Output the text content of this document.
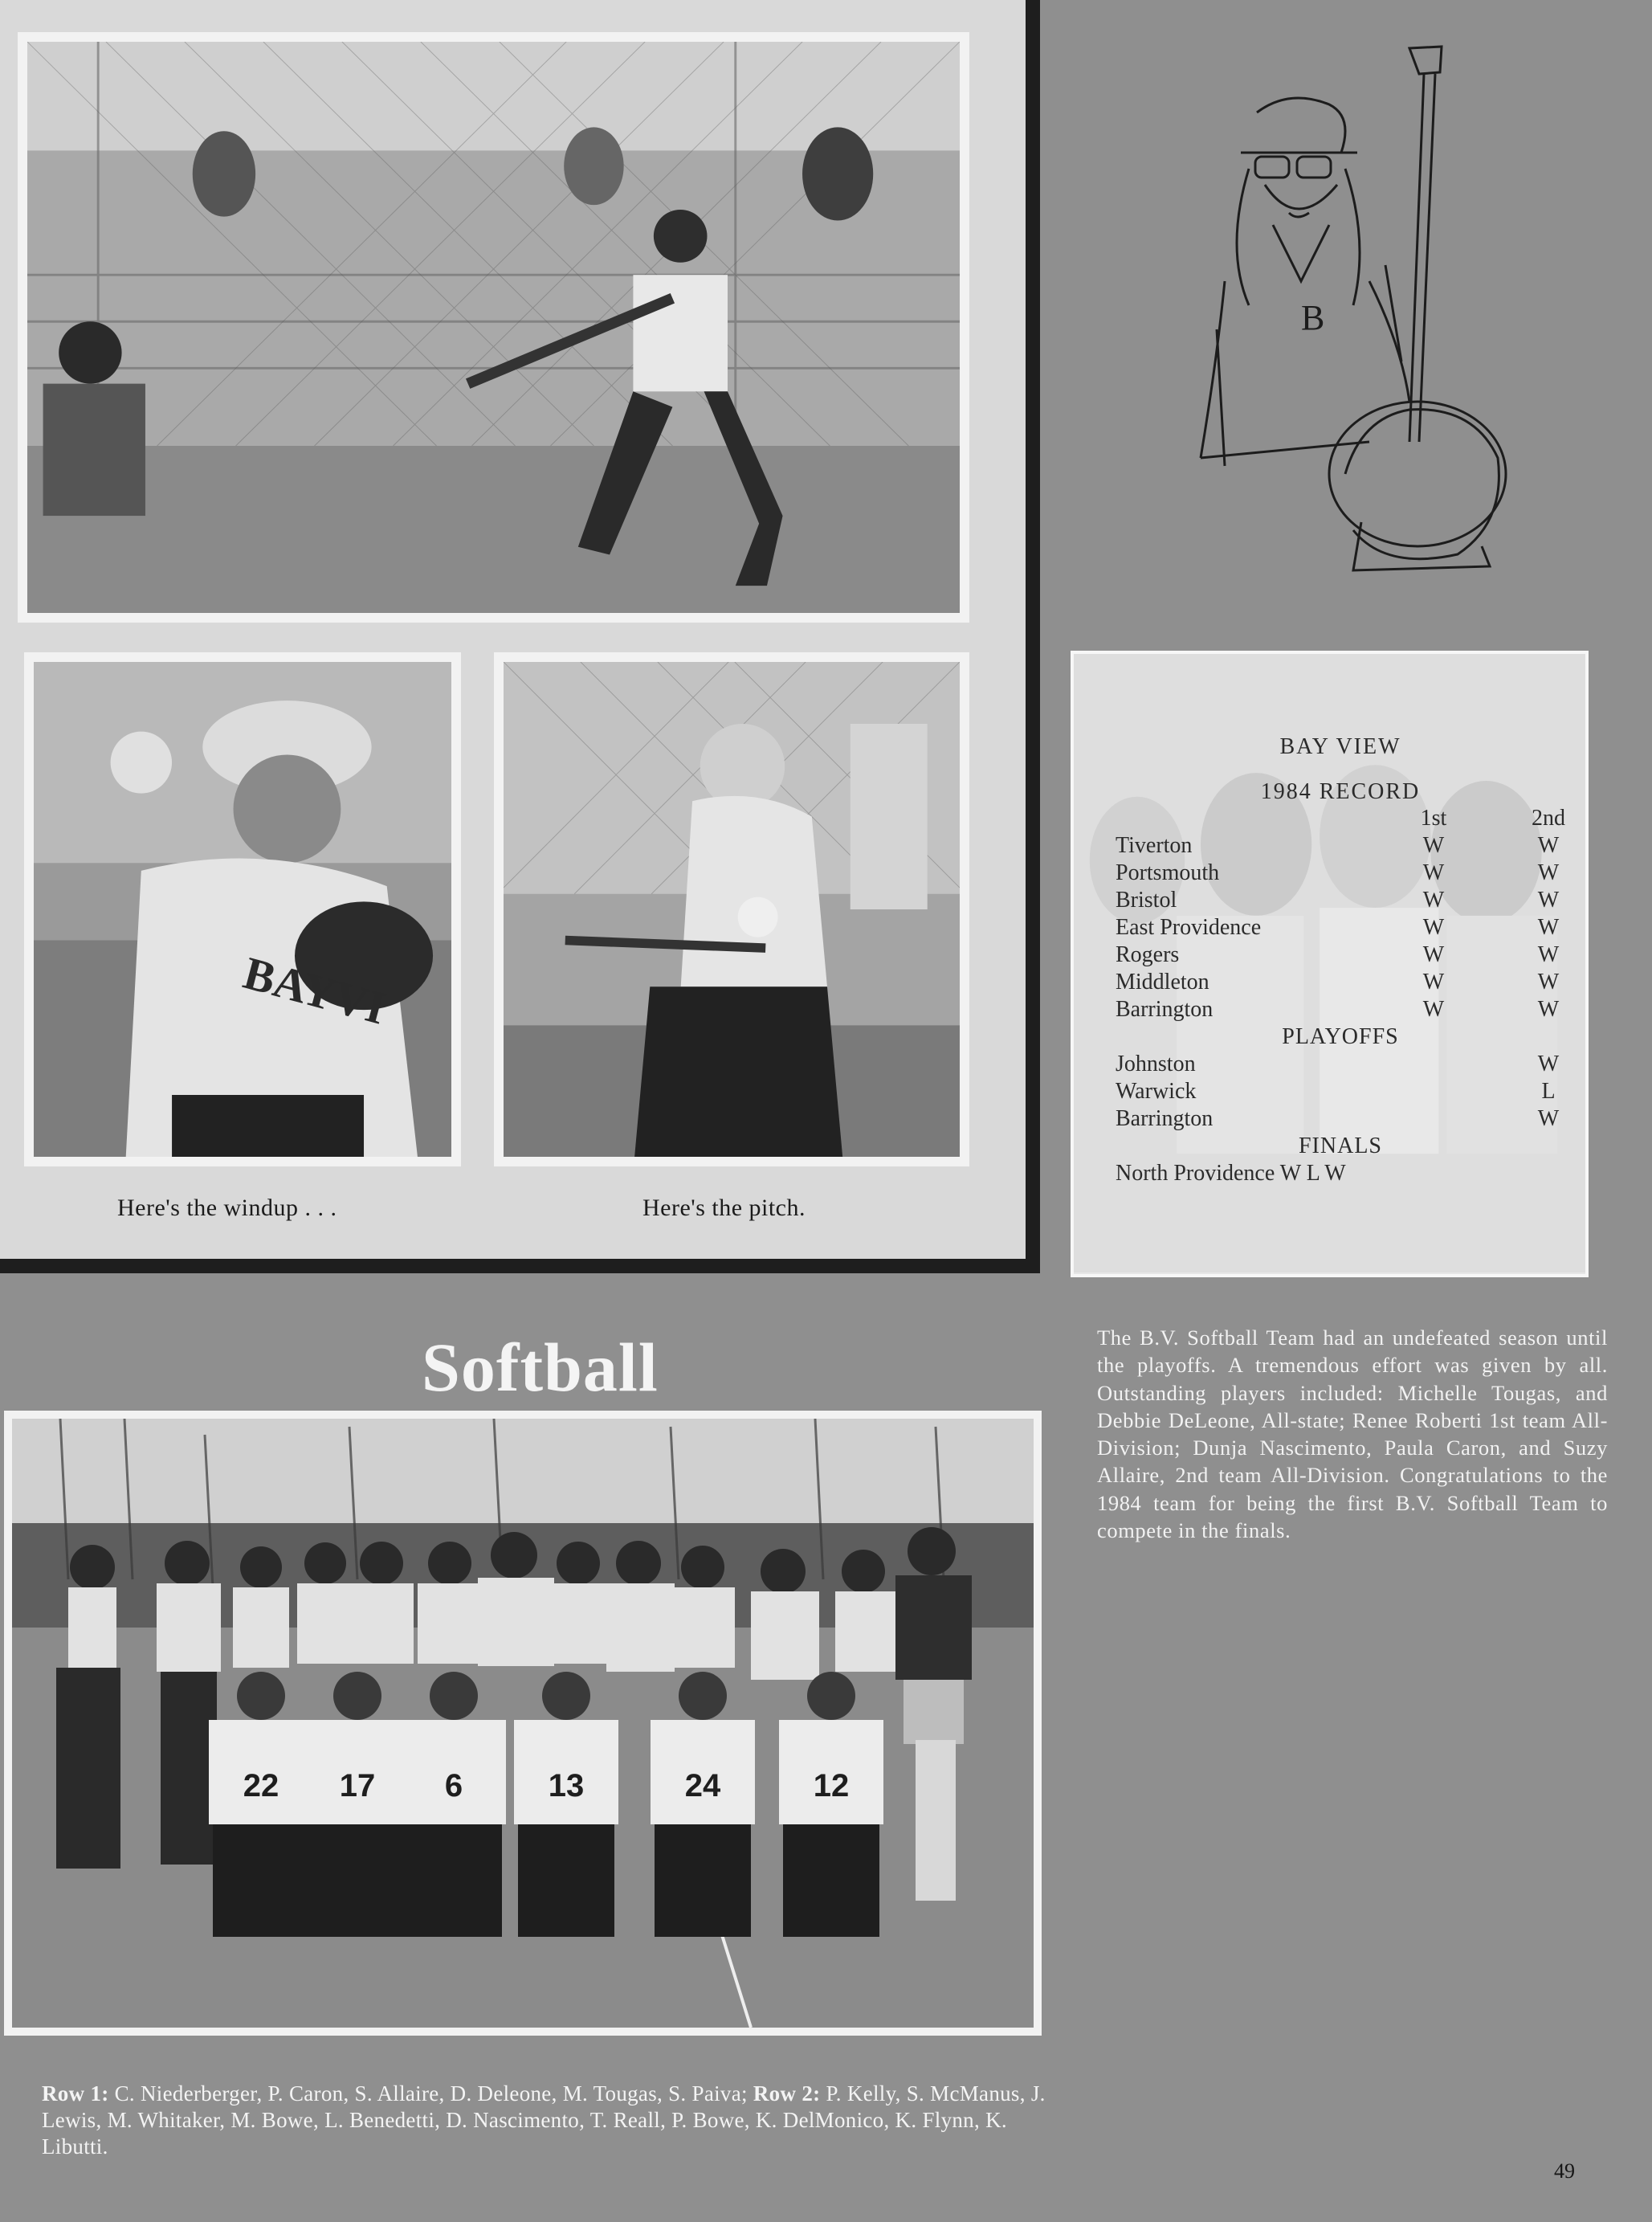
BAYVI
Here's the windup . . .	Here's the pitch.
B
BAY VIEW
1984 RECORD
1st	2nd
Tiverton	W	W
Portsmouth	W	W
Bristol	W	W
East Providence	W	W
Rogers	W	W
Middleton	W	W
Barrington	W	W
PLAYOFFS
Johnston	W
Warwick	L
Barrington	W
FINALS
North Providence W L W
The B.V. Softball Team had an undefeated season until the playoffs. A tremendous effort was given by all. Outstanding players included: Michelle Tougas, and Debbie DeLeone, All-state; Renee Roberti 1st team All-Division; Dunja Nascimento, Paula Caron, and Suzy Allaire, 2nd team All-Division. Congratulations to the 1984 team for being the first B.V. Softball Team to compete in the finals.
Softball
22 17 6	13	24	12
Row 1: C. Niederberger, P. Caron, S. Allaire, D. Deleone, M. Tougas, S. Paiva; Row 2: P. Kelly, S. McManus, J. Lewis, M. Whitaker, M. Bowe, L. Benedetti, D. Nascimento, T. Reall, P. Bowe, K. DelMonico, K. Flynn, K. Libutti.
49
